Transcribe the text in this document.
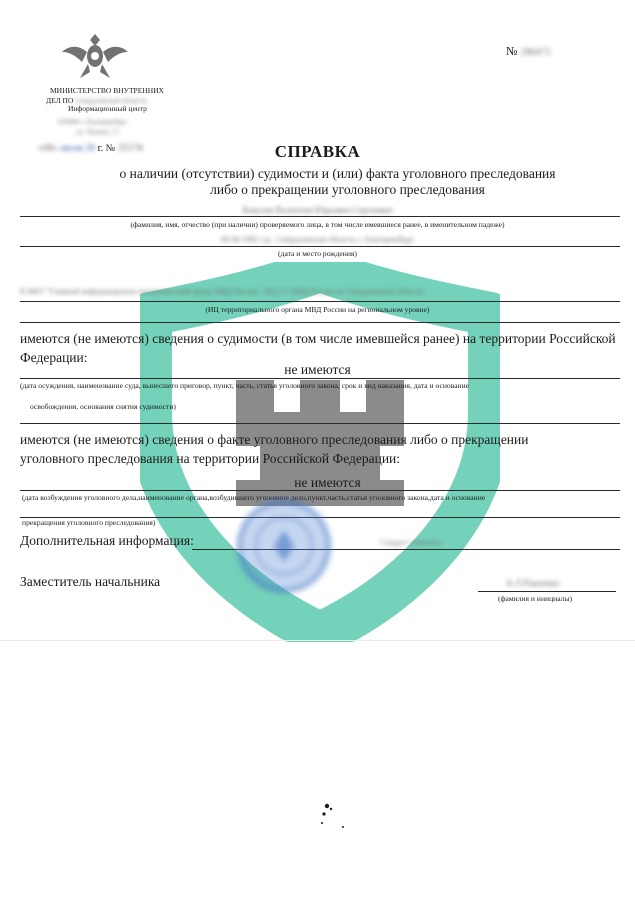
МИНИСТЕРСТВО ВНУТРЕННИХ
ДЕЛ ПО Свердловской области
Информационный центр
620000 г. Екатеринбург
ул. Ленина, 17
№ 286472
«08» июля 20 г. № 35578	СПРАВКА
о наличии (отсутствии) судимости и (или) факта уголовного преследования
либо о прекращении уголовного преследования
Ковалев Валентин Юрьевич Сергеевич
(фамилия, имя, отчество (при наличии) проверяемого лица, в том числе имевшиеся ранее, в именительном падеже)
08.06.1985 г.р., Свердловская область г. Екатеринбург
(дата и место рождения)
В ФКУ "Главный информационно-аналитический центр МВД России", ИЦ ГУ МВД России по Свердловской области
(ИЦ территориального органа МВД России на региональном уровне)
имеются (не имеются) сведения о судимости (в том числе имевшейся ранее) на территории Российской Федерации:
не имеются
(дата осуждения, наименование суда, вынесшего приговор, пункт, часть, статья уголовного закона, срок и вид наказания, дата и основание
освобождения, основания снятия судимости)
имеются (не имеются) сведения о факте уголовного преследования либо о прекращении уголовного преследования на территории Российской Федерации:
не имеются
(дата возбуждения уголовного дела,наименование органа,возбудившего уголовное дело,пункт,часть,статья уголовного закона,дата и основание
прекращения уголовного преследования)
Дополнительная информация:	Следует отметить
Заместитель начальника	А.Л.Павленко
(фамилия и инициалы)
